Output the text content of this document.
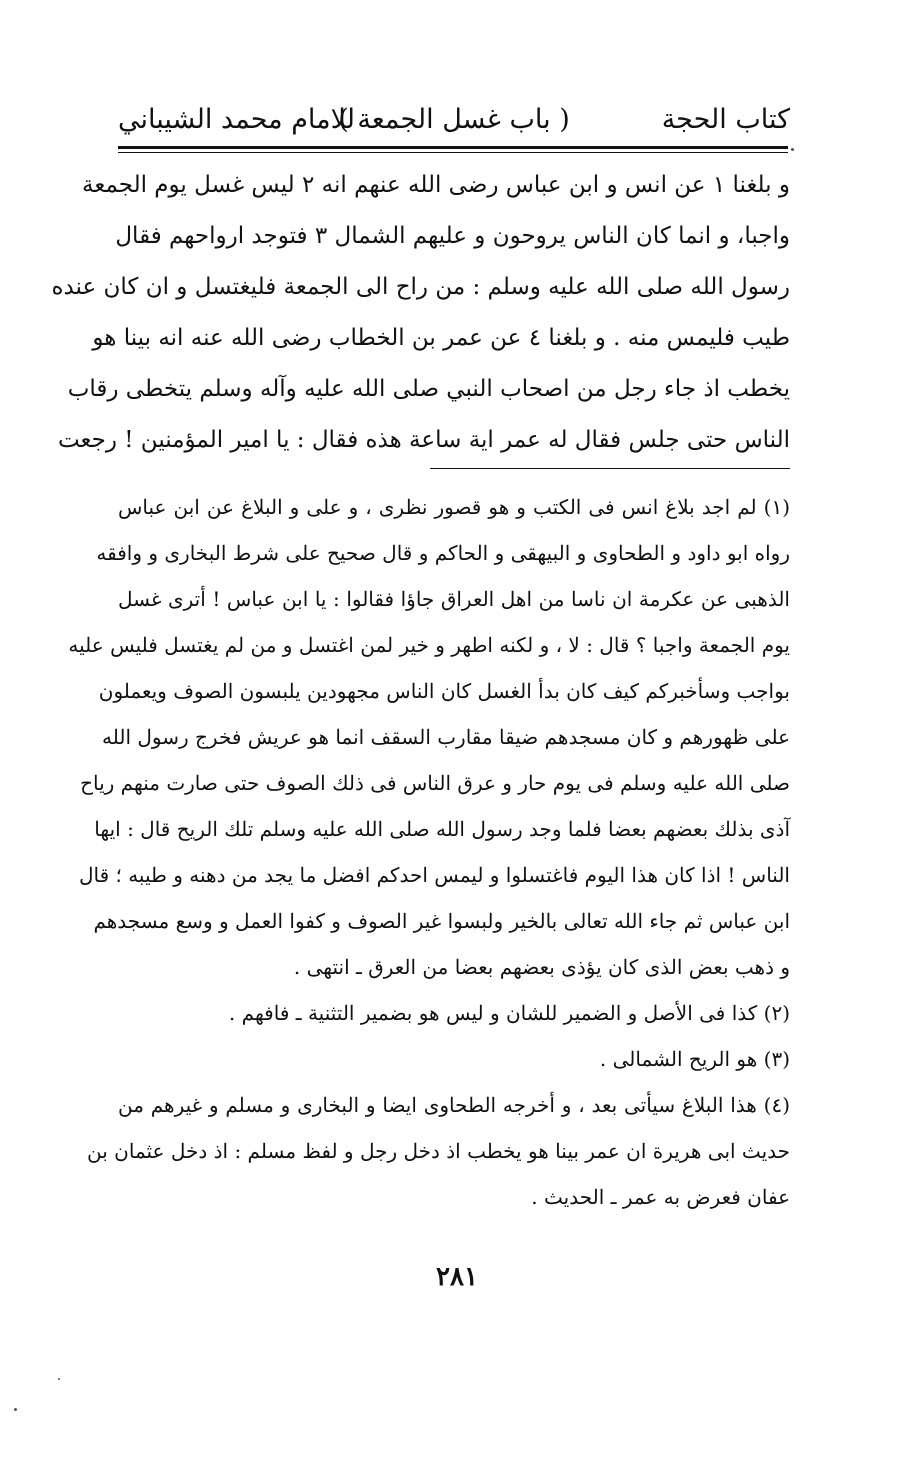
كتاب الحجة
( باب غسل الجمعة )
للامام محمد الشيباني
و بلغنا ١ عن انس و ابن عباس رضى الله عنهم انه ٢ ليس غسل يوم الجمعة
واجبا، و انما كان الناس يروحون و عليهم الشمال ٣ فتوجد ارواحهم فقال
رسول الله صلى الله عليه وسلم : من راح الى الجمعة فليغتسل و ان كان عنده
طيب فليمس منه . و بلغنا ٤ عن عمر بن الخطاب رضى الله عنه انه بينا هو
يخطب اذ جاء رجل من اصحاب النبي صلى الله عليه وآله وسلم يتخطى رقاب
الناس حتى جلس فقال له عمر اية ساعة هذه فقال : يا امير المؤمنين ! رجعت
(١) لم اجد بلاغ انس فى الكتب و هو قصور نظرى ، و على و البلاغ عن ابن عباس
رواه ابو داود و الطحاوى و البيهقى و الحاكم و قال صحيح على شرط البخارى و وافقه
الذهبى عن عكرمة ان ناسا من اهل العراق جاؤا فقالوا : يا ابن عباس ! أترى غسل
يوم الجمعة واجبا ؟ قال : لا ، و لكنه اطهر و خير لمن اغتسل و من لم يغتسل فليس عليه
بواجب وسأخبركم كيف كان بدأ الغسل كان الناس مجهودين يلبسون الصوف ويعملون
على ظهورهم و كان مسجدهم ضيقا مقارب السقف انما هو عريش فخرج رسول الله
صلى الله عليه وسلم فى يوم حار و عرق الناس فى ذلك الصوف حتى صارت منهم رياح
آذى بذلك بعضهم بعضا فلما وجد رسول الله صلى الله عليه وسلم تلك الريح قال : ايها
الناس ! اذا كان هذا اليوم فاغتسلوا و ليمس احدكم افضل ما يجد من دهنه و طيبه ؛ قال
ابن عباس ثم جاء الله تعالى بالخير ولبسوا غير الصوف و كفوا العمل و وسع مسجدهم
و ذهب بعض الذى كان يؤذى بعضهم بعضا من العرق ـ انتهى .
(٢) كذا فى الأصل و الضمير للشان و ليس هو بضمير التثنية ـ فافهم .
(٣) هو الريح الشمالى .
(٤) هذا البلاغ سيأتى بعد ، و أخرجه الطحاوى ايضا و البخارى و مسلم و غيرهم من
حديث ابى هريرة ان عمر بينا هو يخطب اذ دخل رجل و لفظ مسلم : اذ دخل عثمان بن
عفان فعرض به عمر ـ الحديث .
٢٨١
